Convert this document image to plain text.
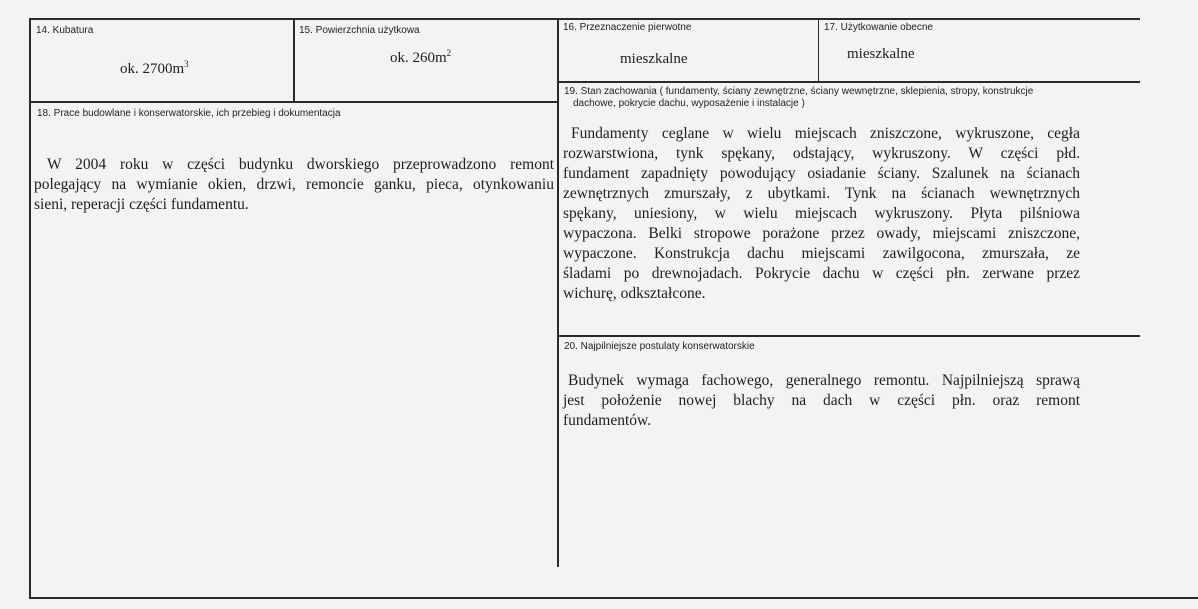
14. Kubatura
ok. $2700m^3$
15. Powierzchnia użytkowa
ok. $260m^2$
16. Przeznaczenie pierwotne
mieszkalne
17. Użytkowanie obecne
mieszkalne
18. Prace budowlane i konserwatorskie, ich przebieg i dokumentacja
W 2004 roku w części budynku dworskiego przeprowadzono remont
polegający na wymianie okien, drzwi, remoncie ganku, pieca, otynkowaniu
sieni, reperacji części fundamentu.
19. Stan zachowania ( fundamenty, ściany zewnętrzne, ściany wewnętrzne, sklepienia, stropy, konstrukcje
dachowe, pokrycie dachu, wyposażenie i instalacje )
Fundamenty ceglane w wielu miejscach zniszczone, wykruszone, cegła
rozwarstwiona, tynk spękany, odstający, wykruszony. W części płd.
fundament zapadnięty powodujący osiadanie ściany. Szalunek na ścianach
zewnętrznych zmurszały, z ubytkami. Tynk na ścianach wewnętrznych
spękany, uniesiony, w wielu miejscach wykruszony. Płyta pilśniowa
wypaczona. Belki stropowe porażone przez owady, miejscami zniszczone,
wypaczone. Konstrukcja dachu miejscami zawilgocona, zmurszała, ze
śladami po drewnojadach. Pokrycie dachu w części płn. zerwane przez
wichurę, odkształcone.
20. Najpilniejsze postulaty konserwatorskie
Budynek wymaga fachowego, generalnego remontu. Najpilniejszą sprawą
jest położenie nowej blachy na dach w części płn. oraz remont
fundamentów.
